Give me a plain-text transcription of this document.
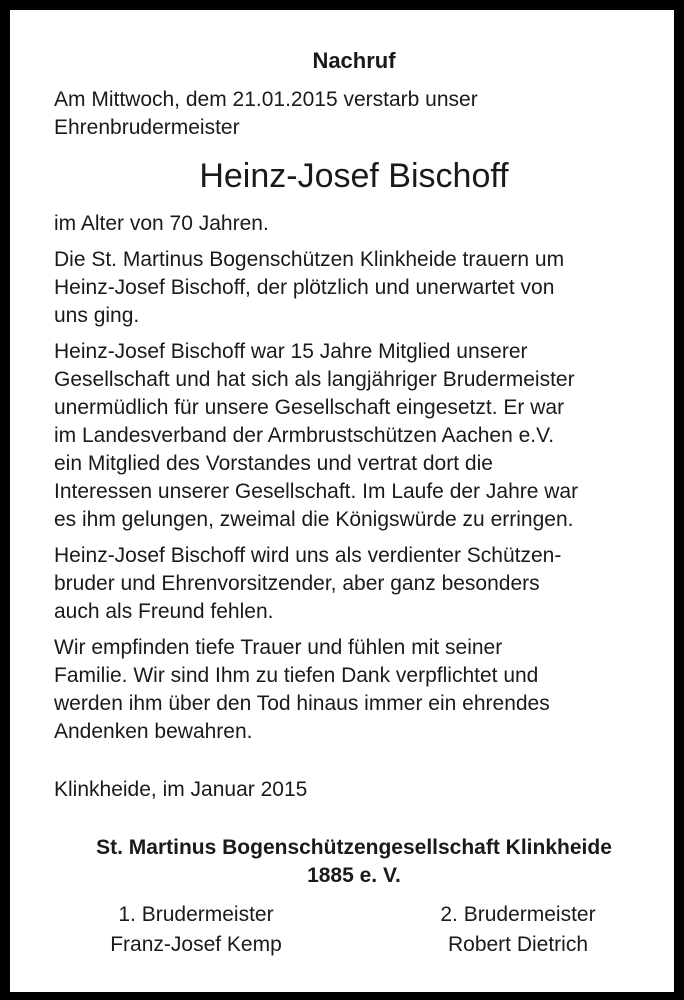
Nachruf
Am Mittwoch, dem 21.01.2015 verstarb unser
Ehrenbrudermeister
Heinz-Josef Bischoff
im Alter von 70 Jahren.
Die St. Martinus Bogenschützen Klinkheide trauern um
Heinz-Josef Bischoff, der plötzlich und unerwartet von
uns ging.
Heinz-Josef Bischoff war 15 Jahre Mitglied unserer
Gesellschaft und hat sich als langjähriger Brudermeister
unermüdlich für unsere Gesellschaft eingesetzt. Er war
im Landesverband der Armbrustschützen Aachen e.V.
ein Mitglied des Vorstandes und vertrat dort die
Interessen unserer Gesellschaft. Im Laufe der Jahre war
es ihm gelungen, zweimal die Königswürde zu erringen.
Heinz-Josef Bischoff wird uns als verdienter Schützen-
bruder und Ehrenvorsitzender, aber ganz besonders
auch als Freund fehlen.
Wir empfinden tiefe Trauer und fühlen mit seiner
Familie. Wir sind Ihm zu tiefen Dank verpflichtet und
werden ihm über den Tod hinaus immer ein ehrendes
Andenken bewahren.
Klinkheide, im Januar 2015
St. Martinus Bogenschützengesellschaft Klinkheide
1885 e. V.
1. Brudermeister
Franz-Josef Kemp
2. Brudermeister
Robert Dietrich
